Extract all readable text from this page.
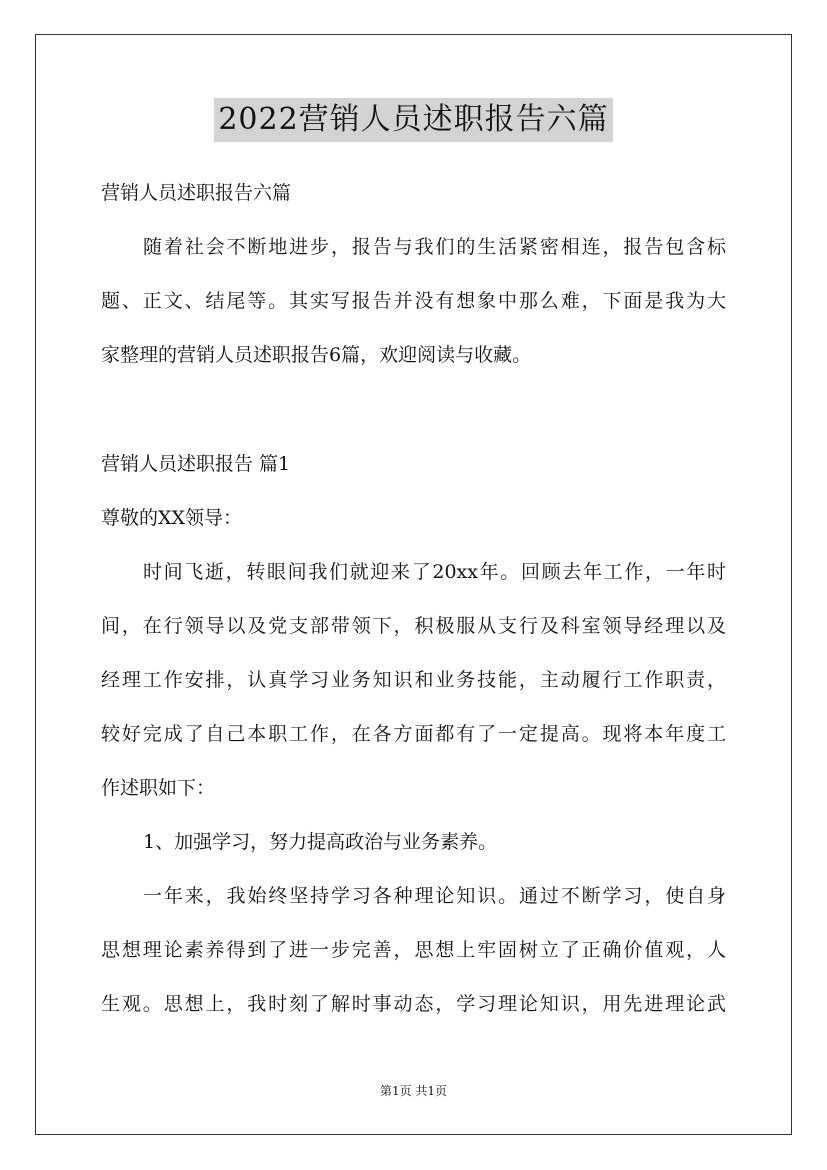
2022营销人员述职报告六篇
营销人员述职报告六篇
随着社会不断地进步，报告与我们的生活紧密相连，报告包含标
题、正文、结尾等。其实写报告并没有想象中那么难，下面是我为大
家整理的营销人员述职报告6篇，欢迎阅读与收藏。
营销人员述职报告 篇1
尊敬的XX领导：
时间飞逝，转眼间我们就迎来了20xx年。回顾去年工作，一年时
间，在行领导以及党支部带领下，积极服从支行及科室领导经理以及
经理工作安排，认真学习业务知识和业务技能，主动履行工作职责，
较好完成了自己本职工作，在各方面都有了一定提高。现将本年度工
作述职如下：
1、加强学习，努力提高政治与业务素养。
一年来，我始终坚持学习各种理论知识。通过不断学习，使自身
思想理论素养得到了进一步完善，思想上牢固树立了正确价值观，人
生观。思想上，我时刻了解时事动态，学习理论知识，用先进理论武
第1页 共1页
